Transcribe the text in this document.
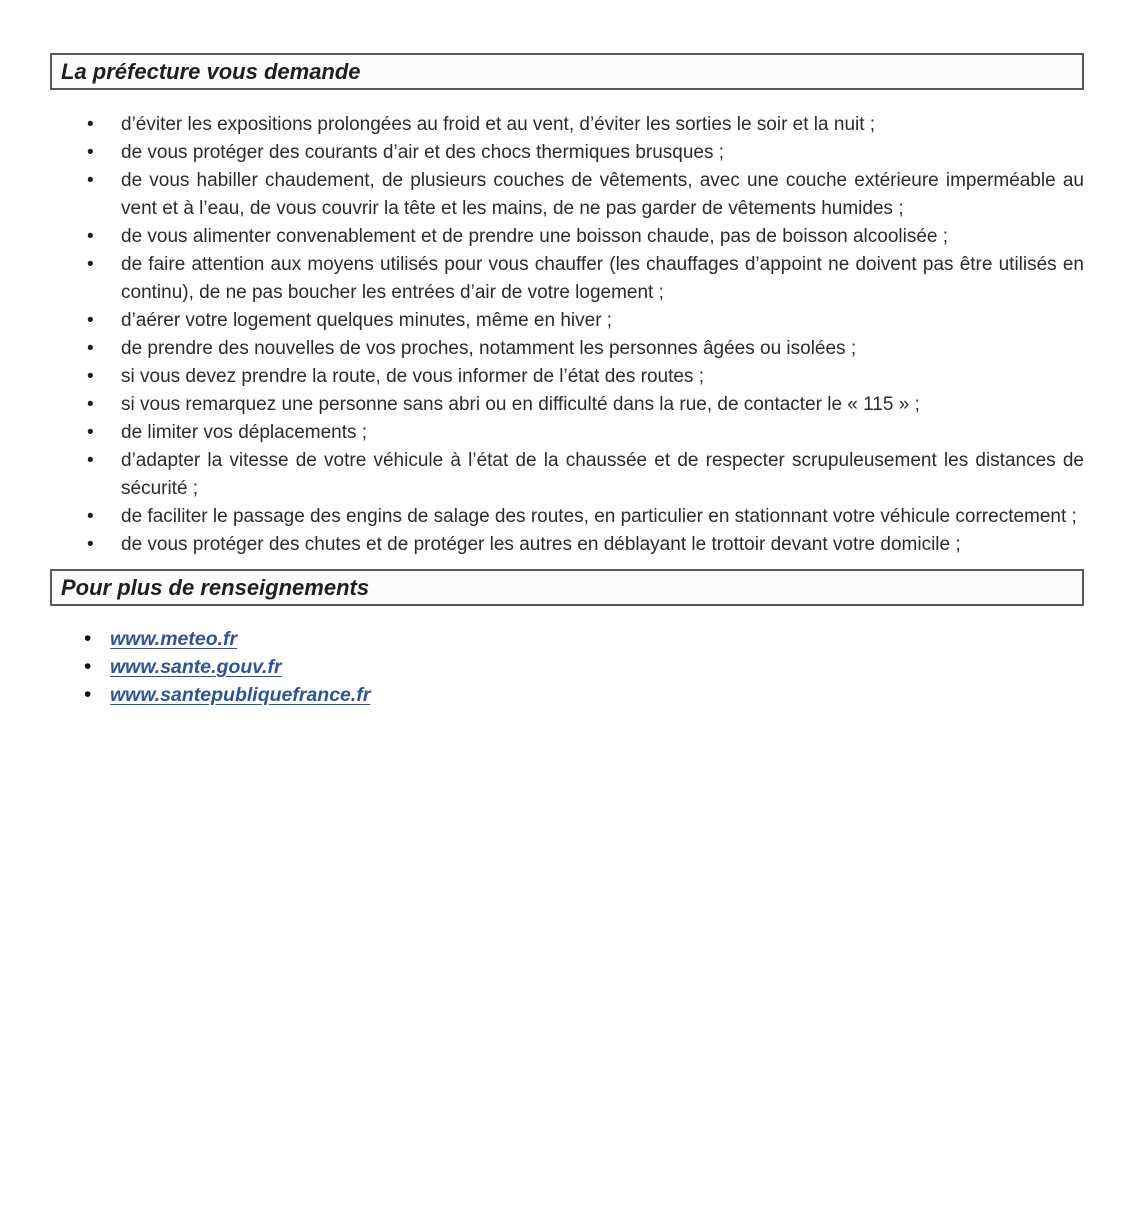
La préfecture vous demande
• d’éviter les expositions prolongées au froid et au vent, d’éviter les sorties le soir et la nuit ;
• de vous protéger des courants d’air et des chocs thermiques brusques ;
• de vous habiller chaudement, de plusieurs couches de vêtements, avec une couche extérieure imperméable au vent et à l’eau, de vous couvrir la tête et les mains, de ne pas garder de vêtements humides ;
• de vous alimenter convenablement et de prendre une boisson chaude, pas de boisson alcoolisée ;
• de faire attention aux moyens utilisés pour vous chauffer (les chauffages d’appoint ne doivent pas être utilisés en continu), de ne pas boucher les entrées d’air de votre logement ;
• d’aérer votre logement quelques minutes, même en hiver ;
• de prendre des nouvelles de vos proches, notamment les personnes âgées ou isolées ;
• si vous devez prendre la route, de vous informer de l’état des routes ;
• si vous remarquez une personne sans abri ou en difficulté dans la rue, de contacter le « 115 » ;
• de limiter vos déplacements ;
• d’adapter la vitesse de votre véhicule à l’état de la chaussée et de respecter scrupuleusement les distances de sécurité ;
• de faciliter le passage des engins de salage des routes, en particulier en stationnant votre véhicule correctement ;
• de vous protéger des chutes et de protéger les autres en déblayant le trottoir devant votre domicile ;
Pour plus de renseignements
• www.meteo.fr
• www.sante.gouv.fr
• www.santepubliquefrance.fr
